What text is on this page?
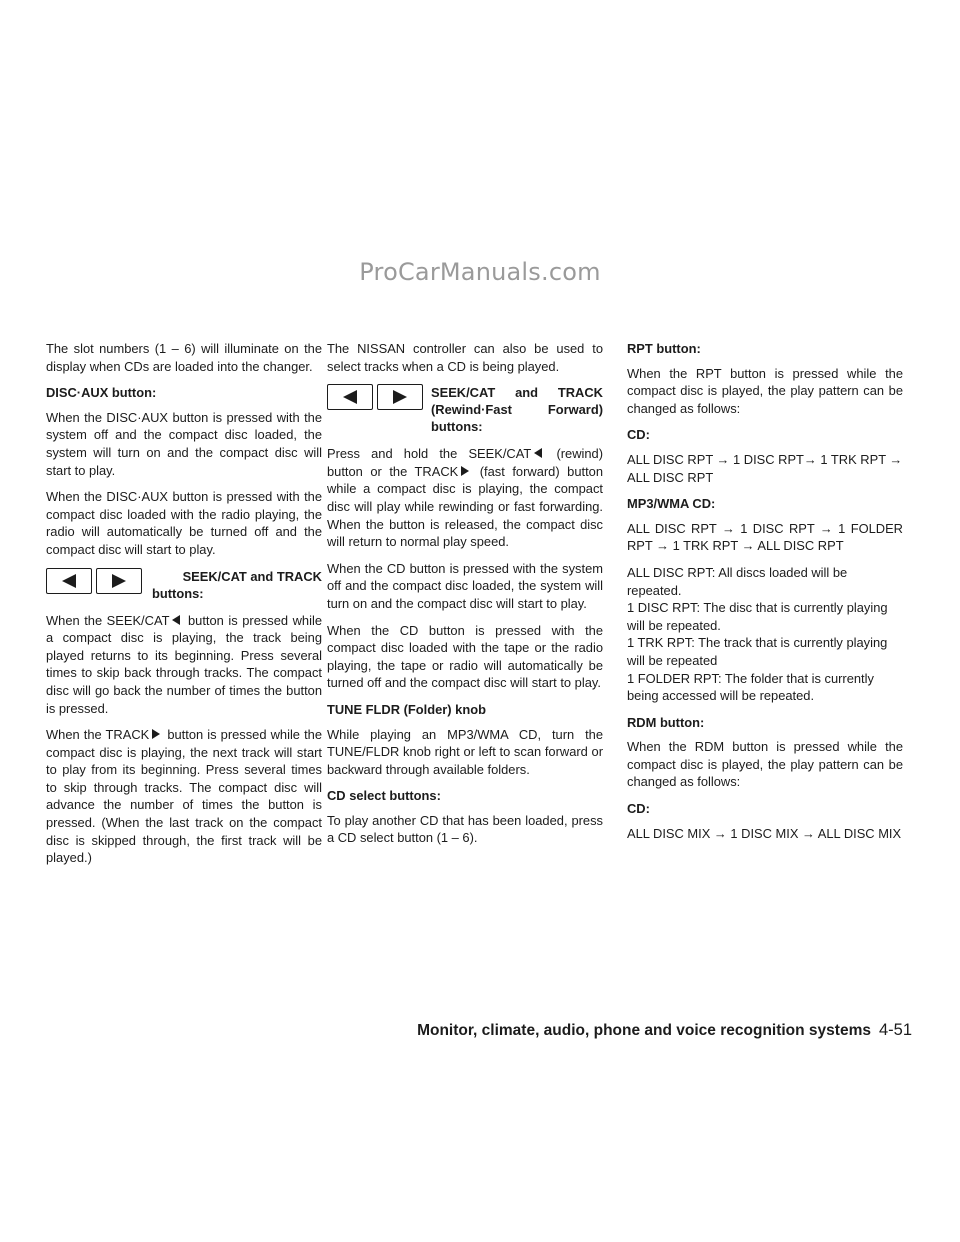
ProCarManuals.com

The slot numbers (1 – 6) will illuminate on the display when CDs are loaded into the changer.

DISC·AUX button:

When the DISC·AUX button is pressed with the system off and the compact disc loaded, the system will turn on and the compact disc will start to play.

When the DISC·AUX button is pressed with the compact disc loaded with the radio playing, the radio will automatically be turned off and the compact disc will start to play.

SEEK/CAT and TRACK
buttons:

When the SEEK/CAT button is pressed while a compact disc is playing, the track being played returns to its beginning. Press several times to skip back through tracks. The compact disc will go back the number of times the button is pressed.

When the TRACK button is pressed while the compact disc is playing, the next track will start to play from its beginning. Press several times to skip through tracks. The compact disc will advance the number of times the button is pressed. (When the last track on the compact disc is skipped through, the first track will be played.)

The NISSAN controller can also be used to select tracks when a CD is being played.

SEEK/CAT and TRACK
(Rewind·Fast Forward)
buttons:

Press and hold the SEEK/CAT (rewind) button or the TRACK (fast forward) button while a compact disc is playing, the compact disc will play while rewinding or fast forwarding. When the button is released, the compact disc will return to normal play speed.

When the CD button is pressed with the system off and the compact disc loaded, the system will turn on and the compact disc will start to play.

When the CD button is pressed with the compact disc loaded with the tape or the radio playing, the tape or radio will automatically be turned off and the compact disc will start to play.

TUNE FLDR (Folder) knob

While playing an MP3/WMA CD, turn the TUNE/FLDR knob right or left to scan forward or backward through available folders.

CD select buttons:

To play another CD that has been loaded, press a CD select button (1 – 6).

RPT button:

When the RPT button is pressed while the compact disc is played, the play pattern can be changed as follows:

CD:

ALL DISC RPT → 1 DISC RPT→ 1 TRK RPT → ALL DISC RPT

MP3/WMA CD:

ALL DISC RPT → 1 DISC RPT → 1 FOLDER RPT → 1 TRK RPT → ALL DISC RPT

ALL DISC RPT: All discs loaded will be repeated.

1 DISC RPT: The disc that is currently playing will be repeated.

1 TRK RPT: The track that is currently playing will be repeated

1 FOLDER RPT: The folder that is currently being accessed will be repeated.

RDM button:

When the RDM button is pressed while the compact disc is played, the play pattern can be changed as follows:

CD:

ALL DISC MIX → 1 DISC MIX → ALL DISC MIX

Monitor, climate, audio, phone and voice recognition systems 4-51
